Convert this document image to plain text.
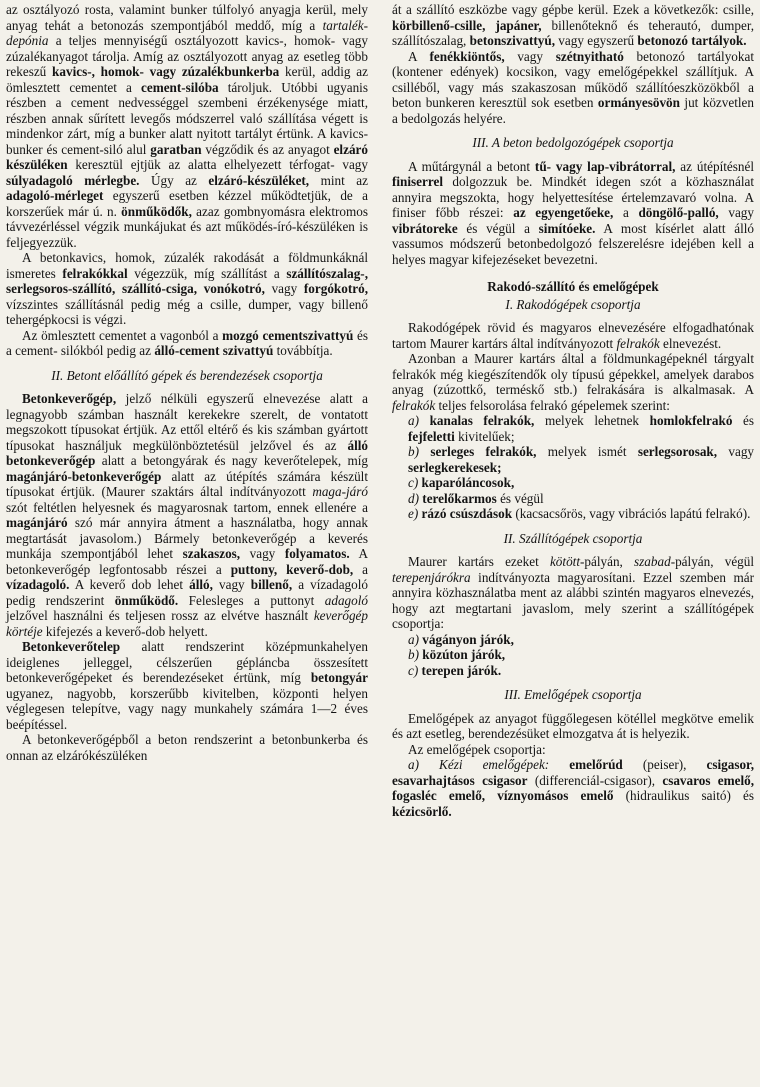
az osztályozó rosta, valamint bunker túlfolyó anyagja kerül, mely anyag tehát a betonozás szempontjából meddő, míg a tartalék-depónia a teljes mennyiségű osztályozott kavics-, homok- vagy zúzalékanyagot tárolja. Amíg az osztályozott anyag az esetleg több rekeszű kavics-, homok- vagy zúzalékbunkerba kerül, addig az ömlesztett cementet a cement-silóba tároljuk. Utóbbi ugyanis részben a cement nedvességgel szembeni érzékenysége miatt, részben annak sűrített levegős módszerrel való szállítása végett is mindenkor zárt, míg a bunker alatt nyitott tartályt értünk. A kavics-bunker és cement-siló alul garatban végződik és az anyagot elzáró készüléken keresztül ejtjük az alatta elhelyezett térfogat- vagy súlyadagoló mérlegbe. Úgy az elzáró-készüléket, mint az adagoló-mérleget egyszerű esetben kézzel működtetjük, de a korszerűek már ú. n. önműködők, azaz gombnyomásra elektromos távvezérléssel végzik munkájukat és azt működés-író-készüléken is feljegyezzük.

A betonkavics, homok, zúzalék rakodását a földmunkáknál ismeretes felrakókkal végezzük, míg szállítást a szállítószalag-, serlegsoros-szállító, szállító-csiga, vonókotró, vagy forgókotró, vízszintes szállításnál pedig még a csille, dumper, vagy billenő tehergépkocsi is végzi.

Az ömlesztett cementet a vagonból a mozgó cementszivattyú és a cement- silókból pedig az álló-cement szivattyú továbbítja.

II. Betont előállító gépek és berendezések csoportja

Betonkeverőgép, jelző nélküli egyszerű elnevezése alatt a legnagyobb számban használt kerekekre szerelt, de vontatott megszokott típusokat értjük. Az ettől eltérő és kis számban gyártott típusokat használjuk megkülönböztetésül jelzővel és az álló betonkeverőgép alatt a betongyárak és nagy keverőtelepek, míg magánjáró-betonkeverőgép alatt az útépítés számára készült típusokat értjük. (Maurer szaktárs által indítványozott maga-járó szót feltétlen helyesnek és magyarosnak tartom, ennek ellenére a magánjáró szó már annyira átment a használatba, hogy annak megtartását javasolom.) Bármely betonkeverőgép a keverés munkája szempontjából lehet szakaszos, vagy folyamatos. A betonkeverőgép legfontosabb részei a puttony, keverő-dob, a vízadagoló. A keverő dob lehet álló, vagy billenő, a vízadagoló pedig rendszerint önműködő. Felesleges a puttonyt adagoló jelzővel használni és teljesen rossz az elvétve használt keverőgép körtéje kifejezés a keverő-dob helyett.

Betonkeverőtelep alatt rendszerint középmunkahelyen ideiglenes jelleggel, célszerűen gépláncba összesített betonkeverőgépeket és berendezéseket értünk, míg betongyár ugyanez, nagyobb, korszerűbb kivitelben, központi helyen véglegesen telepítve, vagy nagy munkahely számára 1—2 éves beépítéssel.

A betonkeverőgépből a beton rendszerint a betonbunkerba és onnan az elzárókészüléken

át a szállító eszközbe vagy gépbe kerül. Ezek a következők: csille, körbillenő-csille, japáner, billenőteknő és teherautó, dumper, szállítószalag, betonszivattyú, vagy egyszerű betonozó tartályok.

A fenékkiöntős, vagy szétnyitható betonozó tartályokat (kontener edények) kocsikon, vagy emelőgépekkel szállítjuk. A csilléből, vagy más szakaszosan működő szállítóeszközökből a beton bunkeren keresztül sok esetben ormányesövön jut közvetlen a bedolgozás helyére.

III. A beton bedolgozógépek csoportja

A műtárgynál a betont tű- vagy lap-vibrátorral, az útépítésnél finiserrel dolgozzuk be. Mindkét idegen szót a közhasználat annyira megszokta, hogy helyettesítése értelemzavaró volna. A finiser főbb részei: az egyengetőeke, a döngölő-palló, vagy vibrátoreke és végül a simítóeke. A most kísérlet alatt álló vassumos módszerű betonbedolgozó felszerelésre idejében kell a helyes magyar kifejezéseket bevezetni.

Rakodó-szállító és emelőgépek

I. Rakodógépek csoportja

Rakodógépek rövid és magyaros elnevezésére elfogadhatónak tartom Maurer kartárs által indítványozott felrakók elnevezést.

Azonban a Maurer kartárs által a földmunkagépeknél tárgyalt felrakók még kiegészítendők oly típusú gépekkel, amelyek darabos anyag (zúzottkő, terméskő stb.) felrakására is alkalmasak. A felrakók teljes felsorolása felrakó gépelemek szerint:

a) kanalas felrakók, melyek lehetnek homlokfelrakó és fejfeletti kivitelűek;

b) serleges felrakók, melyek ismét serlegsorosak, vagy serlegkerekesek;

c) kaparóláncosok,

d) terelőkarmos és végül

e) rázó csúszdások (kacsacsőrös, vagy vibrációs lapátú felrakó).

II. Szállítógépek csoportja

Maurer kartárs ezeket kötött-pályán, szabad-pályán, végül terepenjárókra indítványozta magyarosítani. Ezzel szemben már annyira közhasználatba ment az alábbi szintén magyaros elnevezés, hogy azt megtartani javaslom, mely szerint a szállítógépek csoportja:

a) vágányon járók,

b) közúton járók,

c) terepen járók.

III. Emelőgépek csoportja

Emelőgépek az anyagot függőlegesen kötéllel megkötve emelik és azt esetleg, berendezésüket elmozgatva át is helyezik.

Az emelőgépek csoportja:

a) Kézi emelőgépek: emelőrúd (peiser), csigasor, esavarhajtásos csigasor (differenciál-csigasor), csavaros emelő, fogasléc emelő, víznyomásos emelő (hidraulikus saitó) és kézicsörlő.
